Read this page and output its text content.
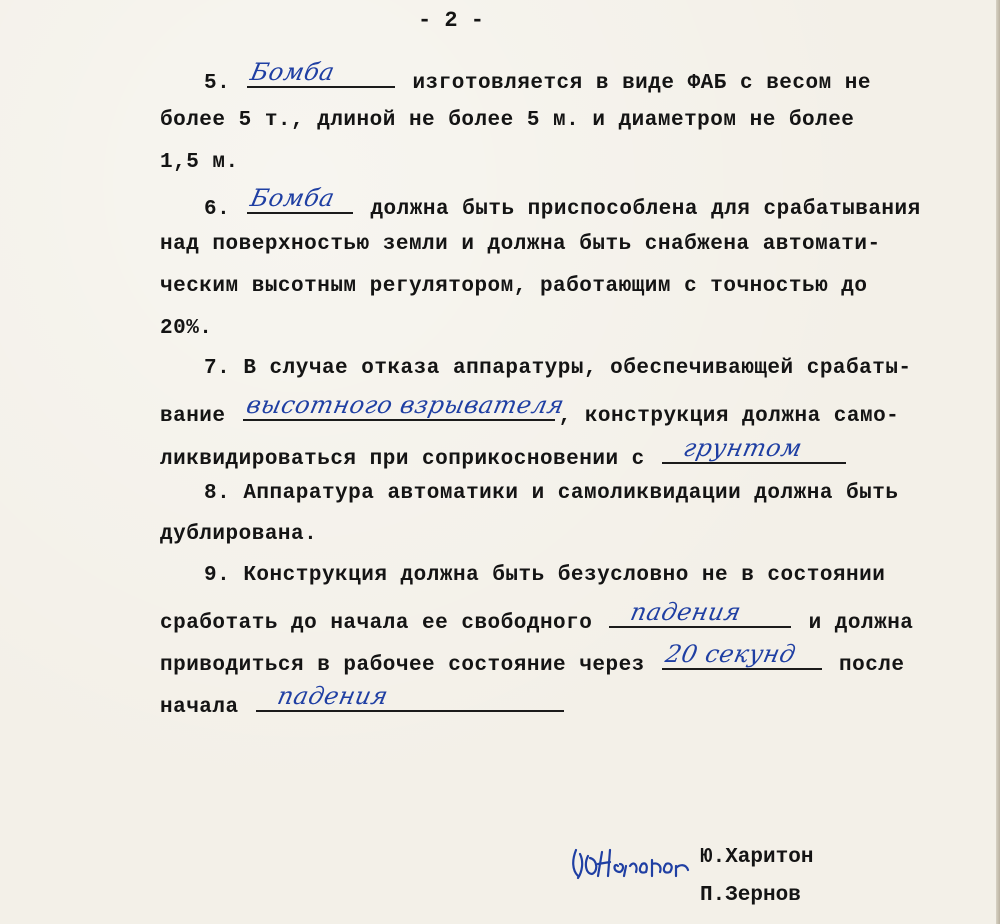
- 2 -
5. Бомба	изготовляется в виде ФАБ с весом не
более 5 т., длиной не более 5 м. и диаметром не более
1,5 м.
6. Бомба должна быть приспособлена для срабатывания
над поверхностью земли и должна быть снабжена автомати-
ческим высотным регулятором, работающим с точностью до
20%.
7. В случае отказа аппаратуры, обеспечивающей срабаты-
вание высотного взрывателя
, конструкция должна само-
ликвидироваться при соприкосновении с грунтом
8. Аппаратура автоматики и самоликвидации должна быть
дублирована.
9. Конструкция должна быть безусловно не в состоянии
сработать до начала ее свободного падения	и должна
приводиться в рабочее состояние через 20 секунд после
начала падения
Ю.Харитон
П.Зернов
